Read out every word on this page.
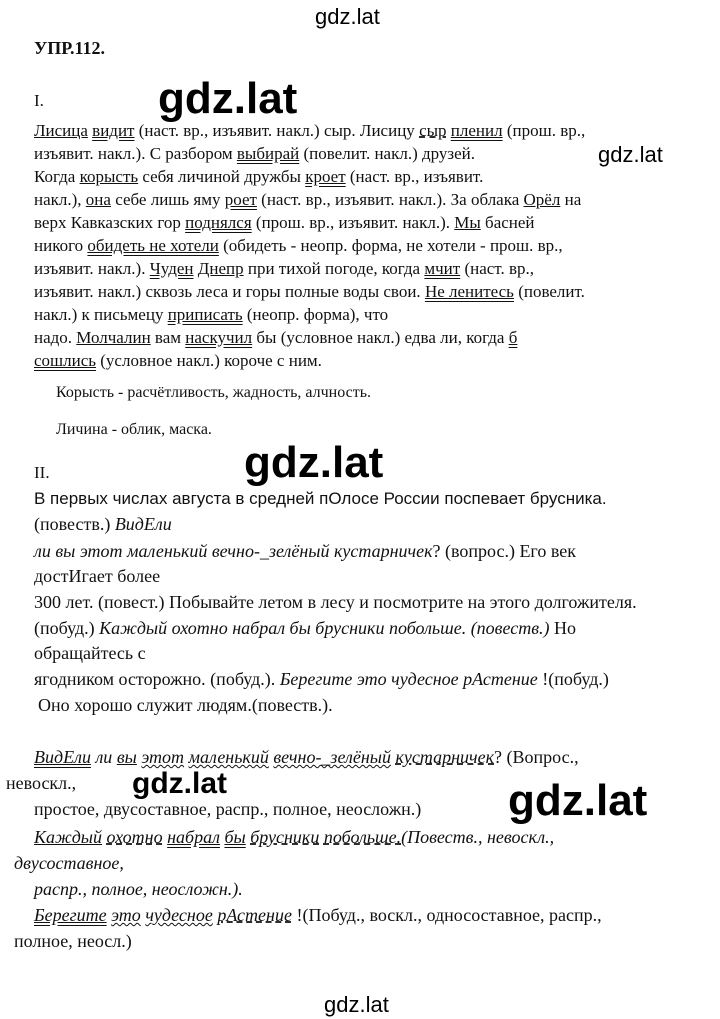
gdz.lat
gdz.lat
gdz.lat
gdz.lat
gdz.lat	gdz.lat
gdz.lat
УПР.112.
I.
Лисица видит (наст. вр., изъявит. накл.) сыр. Лисицу сыр пленил (прош. вр.,
изъявит. накл.). С разбором выбирай (повелит. накл.) друзей.
Когда корысть себя личиной дружбы кроет (наст. вр., изъявит.
накл.), она себе лишь яму роет (наст. вр., изъявит. накл.). За облака Орёл на
верх Кавказских гор поднялся (прош. вр., изъявит. накл.). Мы басней
никого обидеть не хотели (обидеть - неопр. форма, не хотели - прош. вр.,
изъявит. накл.). Чуден Днепр при тихой погоде, когда мчит (наст. вр.,
изъявит. накл.) сквозь леса и горы полные воды свои. Не ленитесь (повелит.
накл.) к письмецу приписать (неопр. форма), что
надо. Молчалин вам наскучил бы (условное накл.) едва ли, когда б
сошлись (условное накл.) короче с ним.
Корысть - расчётливость, жадность, алчность.
Личина - облик, маска.
II.
В первых числах августа в средней пОлосе России поспевает брусника.
(повеств.) ВидЕли
ли вы этот маленький вечно-_зелёный кустарничек? (вопрос.) Его век
достИгает более
300 лет. (повест.) Побывайте летом в лесу и посмотрите на этого долгожителя.
(побуд.) Каждый охотно набрал бы брусники побольше. (повеств.) Но
обращайтесь с
ягодником осторожно. (побуд.). Берегите это чудесное рАстение !(побуд.)
Оно хорошо служит людям.(повеств.).
ВидЕли ли вы этот маленький вечно-_зелёный кустарничек? (Вопрос.,
невоскл.,
простое, двусоставное, распр., полное, неосложн.)
Каждый охотно набрал бы брусники побольше.(Повеств., невоскл.,
двусоставное,
распр., полное, неосложн.).
Берегите это чудесное рАстение !(Побуд., воскл., односоставное, распр.,
полное, неосл.)
